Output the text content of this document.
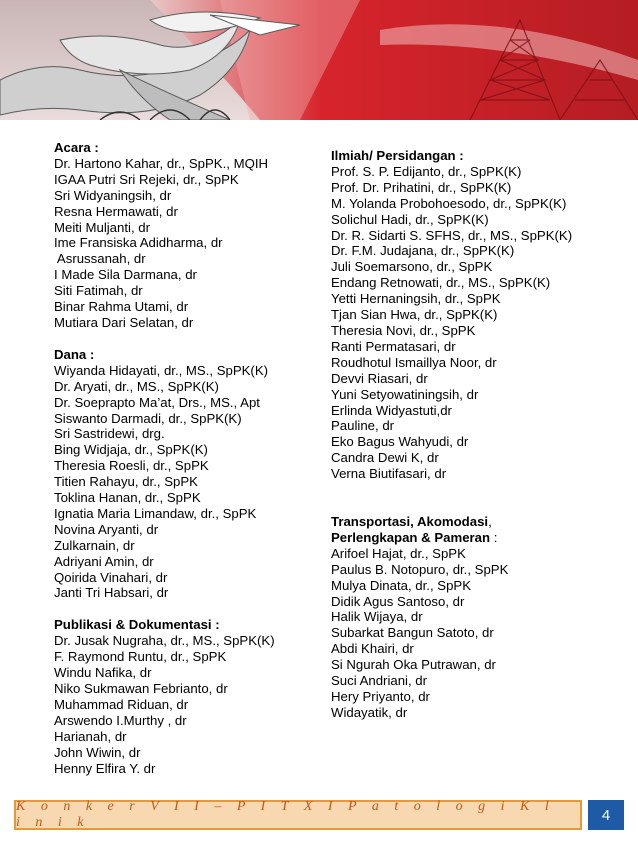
Acara :
Dr. Hartono Kahar, dr., SpPK., MQIH
IGAA Putri Sri Rejeki, dr., SpPK
Sri Widyaningsih, dr
Resna Hermawati, dr
Meiti Muljanti, dr
Ime Fransiska Adidharma, dr
Asrussanah, dr
I Made Sila Darmana, dr
Siti Fatimah, dr
Binar Rahma Utami, dr
Mutiara Dari Selatan, dr
Dana :
Wiyanda Hidayati, dr., MS., SpPK(K)
Dr. Aryati, dr., MS., SpPK(K)
Dr. Soeprapto Ma’at, Drs., MS., Apt
Siswanto Darmadi, dr., SpPK(K)
Sri Sastridewi, drg.
Bing Widjaja, dr., SpPK(K)
Theresia Roesli, dr., SpPK
Titien Rahayu, dr., SpPK
Toklina Hanan, dr., SpPK
Ignatia Maria Limandaw, dr., SpPK
Novina Aryanti, dr
Zulkarnain, dr
Adriyani Amin, dr
Qoirida Vinahari, dr
Janti Tri Habsari, dr
Publikasi & Dokumentasi :
Dr. Jusak Nugraha, dr., MS., SpPK(K)
F. Raymond Runtu, dr., SpPK
Windu Nafika, dr
Niko Sukmawan Febrianto, dr
Muhammad Riduan, dr
Arswendo I.Murthy , dr
Harianah, dr
John Wiwin, dr
Henny Elfira Y. dr
Ilmiah/ Persidangan :
Prof. S. P. Edijanto, dr., SpPK(K)
Prof. Dr. Prihatini, dr., SpPK(K)
M. Yolanda Probohoesodo, dr., SpPK(K)
Solichul Hadi, dr., SpPK(K)
Dr. R. Sidarti S. SFHS, dr., MS., SpPK(K)
Dr. F.M. Judajana, dr., SpPK(K)
Juli Soemarsono, dr., SpPK
Endang Retnowati, dr., MS., SpPK(K)
Yetti Hernaningsih, dr., SpPK
Tjan Sian Hwa, dr., SpPK(K)
Theresia Novi, dr., SpPK
Ranti Permatasari, dr
Roudhotul Ismaillya Noor, dr
Devvi Riasari, dr
Yuni Setyowatiningsih, dr
Erlinda Widyastuti,dr
Pauline, dr
Eko Bagus Wahyudi, dr
Candra Dewi K, dr
Verna Biutifasari, dr
Transportasi, Akomodasi,
Perlengkapan & Pameran :
Arifoel Hajat, dr., SpPK
Paulus B. Notopuro, dr., SpPK
Mulya Dinata, dr., SpPK
Didik Agus Santoso, dr
Halik Wijaya, dr
Subarkat Bangun Satoto, dr
Abdi Khairi, dr
Si Ngurah Oka Putrawan, dr
Suci Andriani, dr
Hery Priyanto, dr
Widayatik, dr
K o n k e r V I I – P I T X I P a t o l o g i K l i n i k	4
